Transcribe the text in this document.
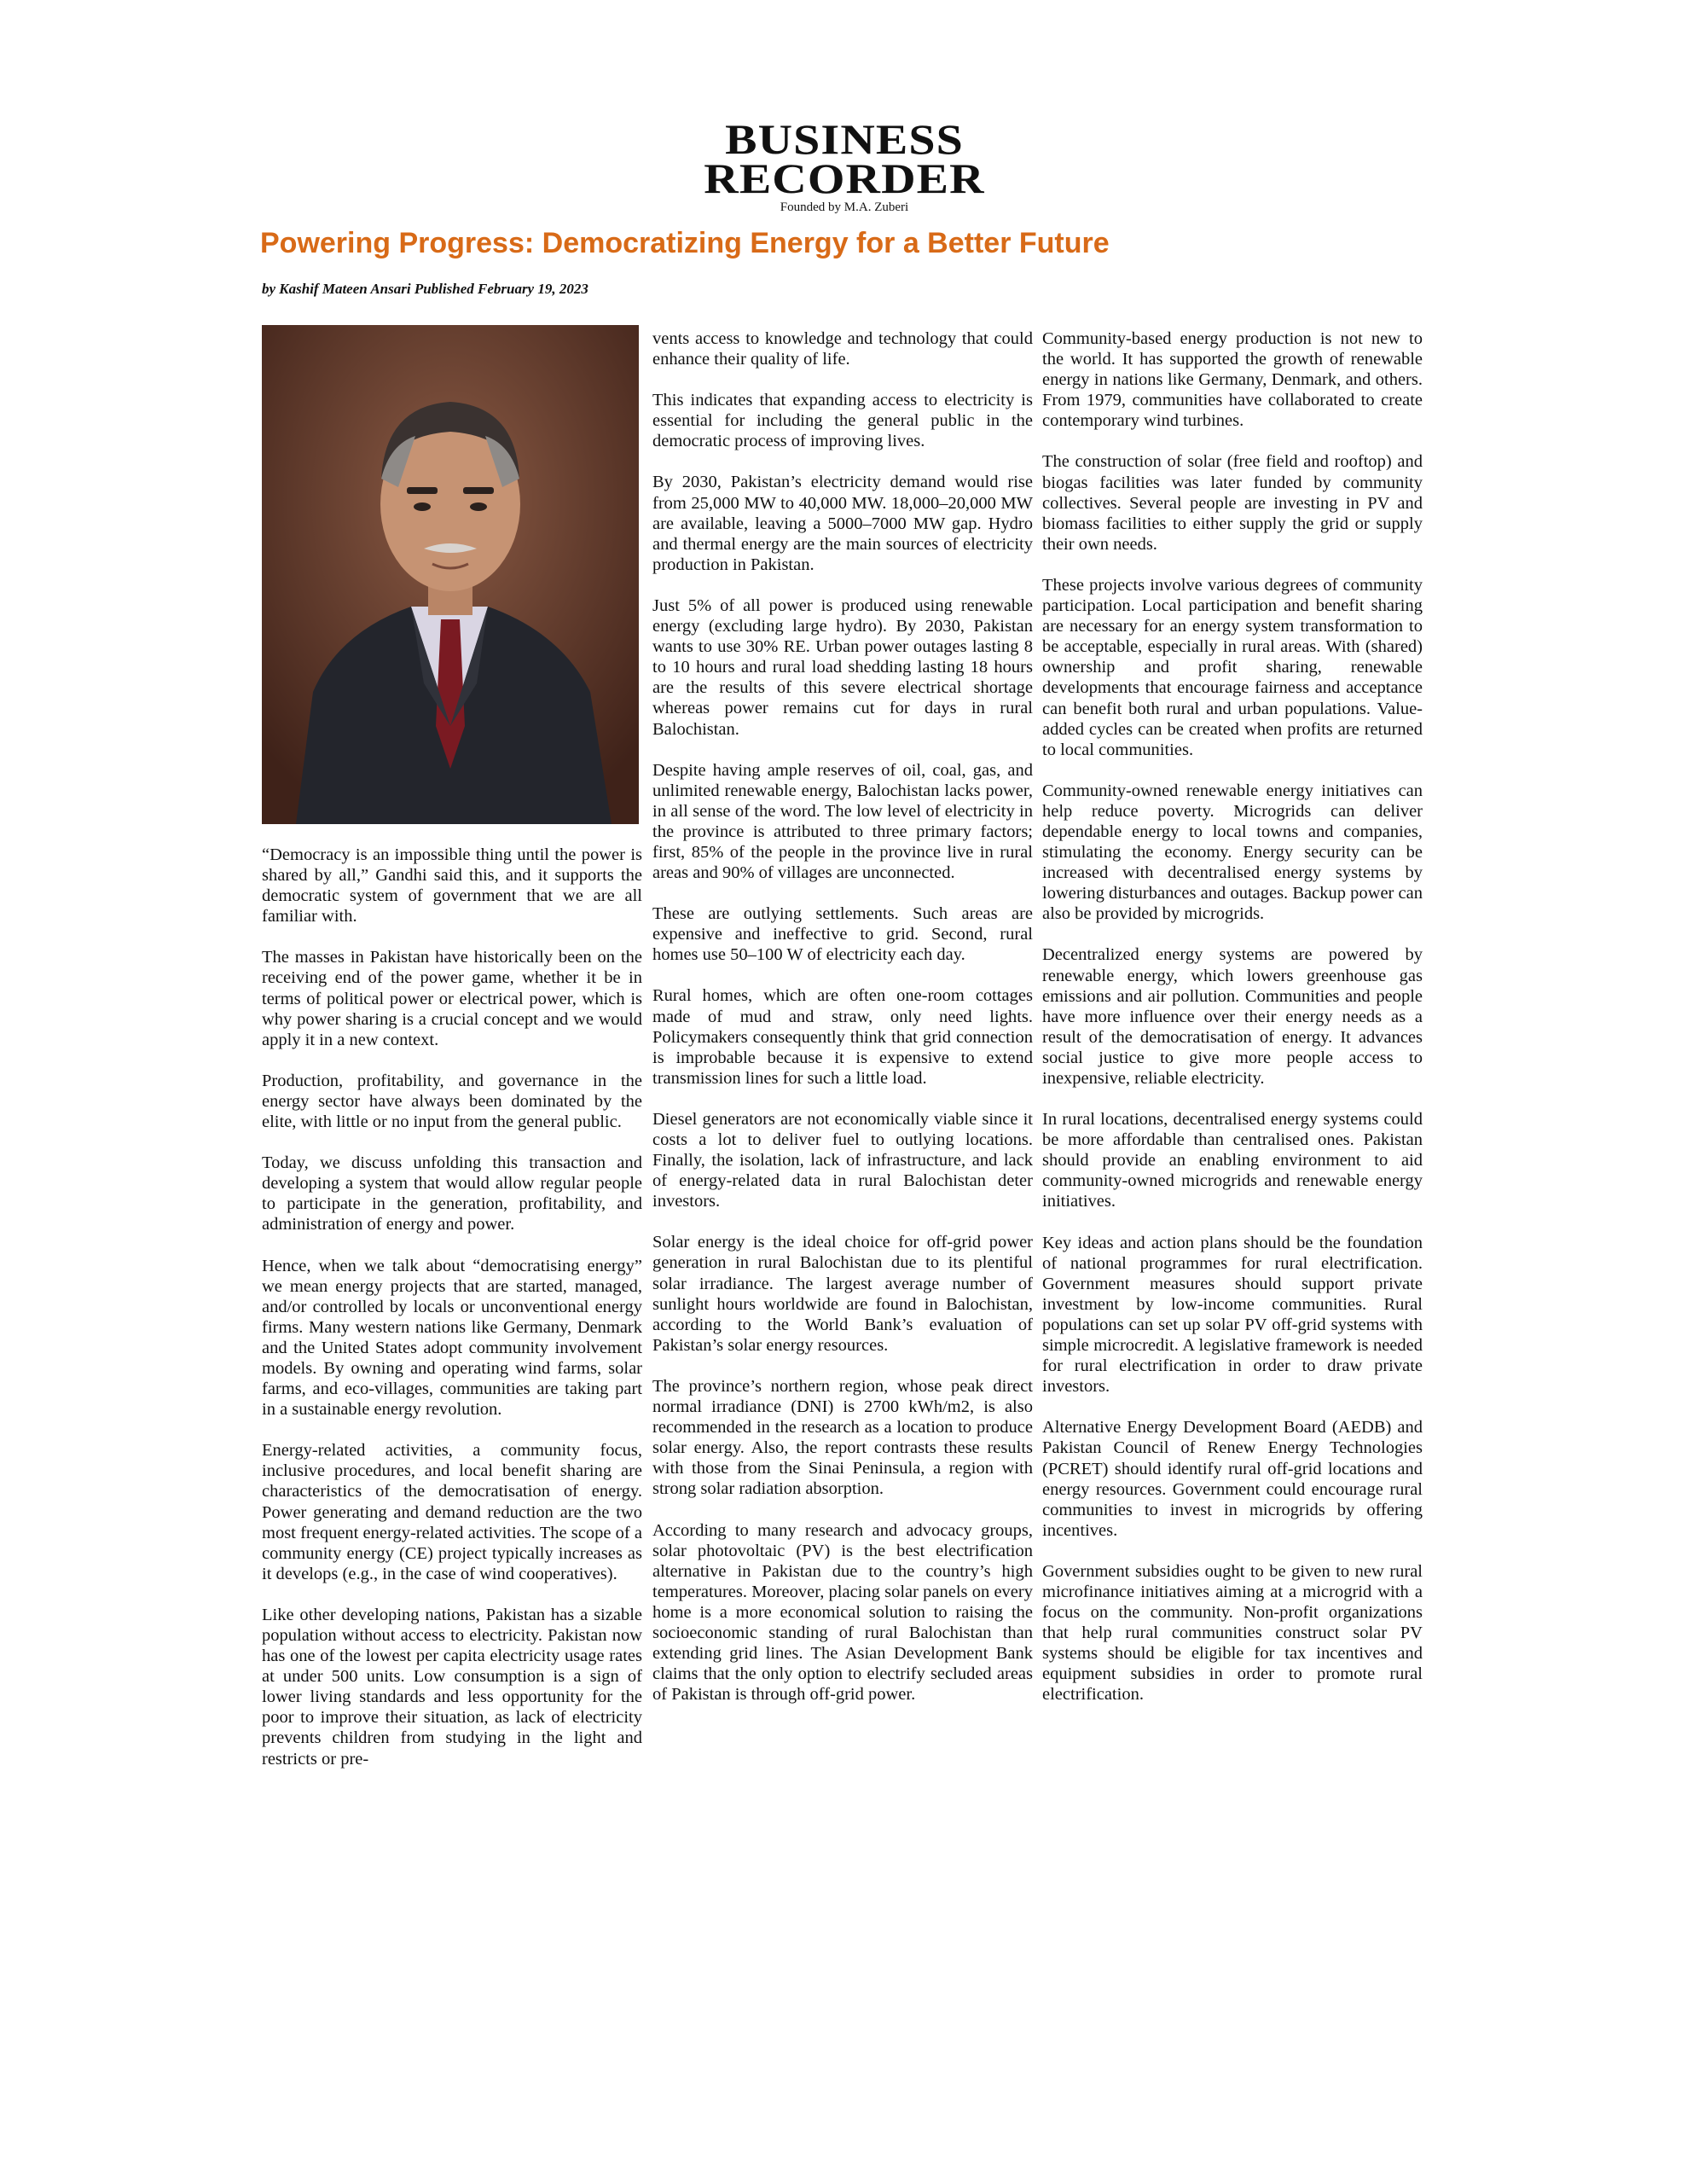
BUSINESS
RECORDER
Founded by M.A. Zuberi
Powering Progress: Democratizing Energy for a Better Future
by Kashif Mateen Ansari Published February 19, 2023

“Democracy is an impossible thing until the power is shared by all,” Gandhi said this, and it supports the democratic system of government that we are all familiar with.

The masses in Pakistan have historically been on the receiving end of the power game, whether it be in terms of political power or electrical power, which is why power sharing is a crucial concept and we would apply it in a new context.

Production, profitability, and governance in the energy sector have always been dominated by the elite, with little or no input from the general public.

Today, we discuss unfolding this transaction and developing a system that would allow regular people to participate in the generation, profitability, and administration of energy and power.

Hence, when we talk about “democratising energy” we mean energy projects that are started, managed, and/or controlled by locals or unconventional energy firms. Many western nations like Germany, Denmark and the United States adopt community involvement models. By owning and operating wind farms, solar farms, and eco-villages, communities are taking part in a sustainable energy revolution.

Energy-related activities, a community focus, inclusive procedures, and local benefit sharing are characteristics of the democratisation of energy. Power generating and demand reduction are the two most frequent energy-related activities. The scope of a community energy (CE) project typically increases as it develops (e.g., in the case of wind cooperatives).

Like other developing nations, Pakistan has a sizable population without access to electricity. Pakistan now has one of the lowest per capita electricity usage rates at under 500 units. Low consumption is a sign of lower living standards and less opportunity for the poor to improve their situation, as lack of electricity prevents children from studying in the light and restricts or pre-

vents access to knowledge and technology that could enhance their quality of life.

This indicates that expanding access to electricity is essential for including the general public in the democratic process of improving lives.

By 2030, Pakistan’s electricity demand would rise from 25,000 MW to 40,000 MW. 18,000–20,000 MW are available, leaving a 5000–7000 MW gap. Hydro and thermal energy are the main sources of electricity production in Pakistan.

Just 5% of all power is produced using renewable energy (excluding large hydro). By 2030, Pakistan wants to use 30% RE. Urban power outages lasting 8 to 10 hours and rural load shedding lasting 18 hours are the results of this severe electrical shortage whereas power remains cut for days in rural Balochistan.

Despite having ample reserves of oil, coal, gas, and unlimited renewable energy, Balochistan lacks power, in all sense of the word. The low level of electricity in the province is attributed to three primary factors; first, 85% of the people in the province live in rural areas and 90% of villages are unconnected.

These are outlying settlements. Such areas are expensive and ineffective to grid. Second, rural homes use 50–100 W of electricity each day.

Rural homes, which are often one-room cottages made of mud and straw, only need lights. Policymakers consequently think that grid connection is improbable because it is expensive to extend transmission lines for such a little load.

Diesel generators are not economically viable since it costs a lot to deliver fuel to outlying locations. Finally, the isolation, lack of infrastructure, and lack of energy-related data in rural Balochistan deter investors.

Solar energy is the ideal choice for off-grid power generation in rural Balochistan due to its plentiful solar irradiance. The largest average number of sunlight hours worldwide are found in Balochistan, according to the World Bank’s evaluation of Pakistan’s solar energy resources.

The province’s northern region, whose peak direct normal irradiance (DNI) is 2700 kWh/m2, is also recommended in the research as a location to produce solar energy. Also, the report contrasts these results with those from the Sinai Peninsula, a region with strong solar radiation absorption.

According to many research and advocacy groups, solar photovoltaic (PV) is the best electrification alternative in Pakistan due to the country’s high temperatures. Moreover, placing solar panels on every home is a more economical solution to raising the socioeconomic standing of rural Balochistan than extending grid lines. The Asian Development Bank claims that the only option to electrify secluded areas of Pakistan is through off-grid power.

Community-based energy production is not new to the world. It has supported the growth of renewable energy in nations like Germany, Denmark, and others. From 1979, communities have collaborated to create contemporary wind turbines.

The construction of solar (free field and rooftop) and biogas facilities was later funded by community collectives. Several people are investing in PV and biomass facilities to either supply the grid or supply their own needs.

These projects involve various degrees of community participation. Local participation and benefit sharing are necessary for an energy system transformation to be acceptable, especially in rural areas. With (shared) ownership and profit sharing, renewable developments that encourage fairness and acceptance can benefit both rural and urban populations. Value-added cycles can be created when profits are returned to local communities.

Community-owned renewable energy initiatives can help reduce poverty. Microgrids can deliver dependable energy to local towns and companies, stimulating the economy. Energy security can be increased with decentralised energy systems by lowering disturbances and outages. Backup power can also be provided by microgrids.

Decentralized energy systems are powered by renewable energy, which lowers greenhouse gas emissions and air pollution. Communities and people have more influence over their energy needs as a result of the democratisation of energy. It advances social justice to give more people access to inexpensive, reliable electricity.

In rural locations, decentralised energy systems could be more affordable than centralised ones. Pakistan should provide an enabling environment to aid community-owned microgrids and renewable energy initiatives.

Key ideas and action plans should be the foundation of national programmes for rural electrification. Government measures should support private investment by low-income communities. Rural populations can set up solar PV off-grid systems with simple microcredit. A legislative framework is needed for rural electrification in order to draw private investors.

Alternative Energy Development Board (AEDB) and Pakistan Council of Renew Energy Technologies (PCRET) should identify rural off-grid locations and energy resources. Government could encourage rural communities to invest in microgrids by offering incentives.

Government subsidies ought to be given to new rural microfinance initiatives aiming at a microgrid with a focus on the community. Non-profit organizations that help rural communities construct solar PV systems should be eligible for tax incentives and equipment subsidies in order to promote rural electrification.
